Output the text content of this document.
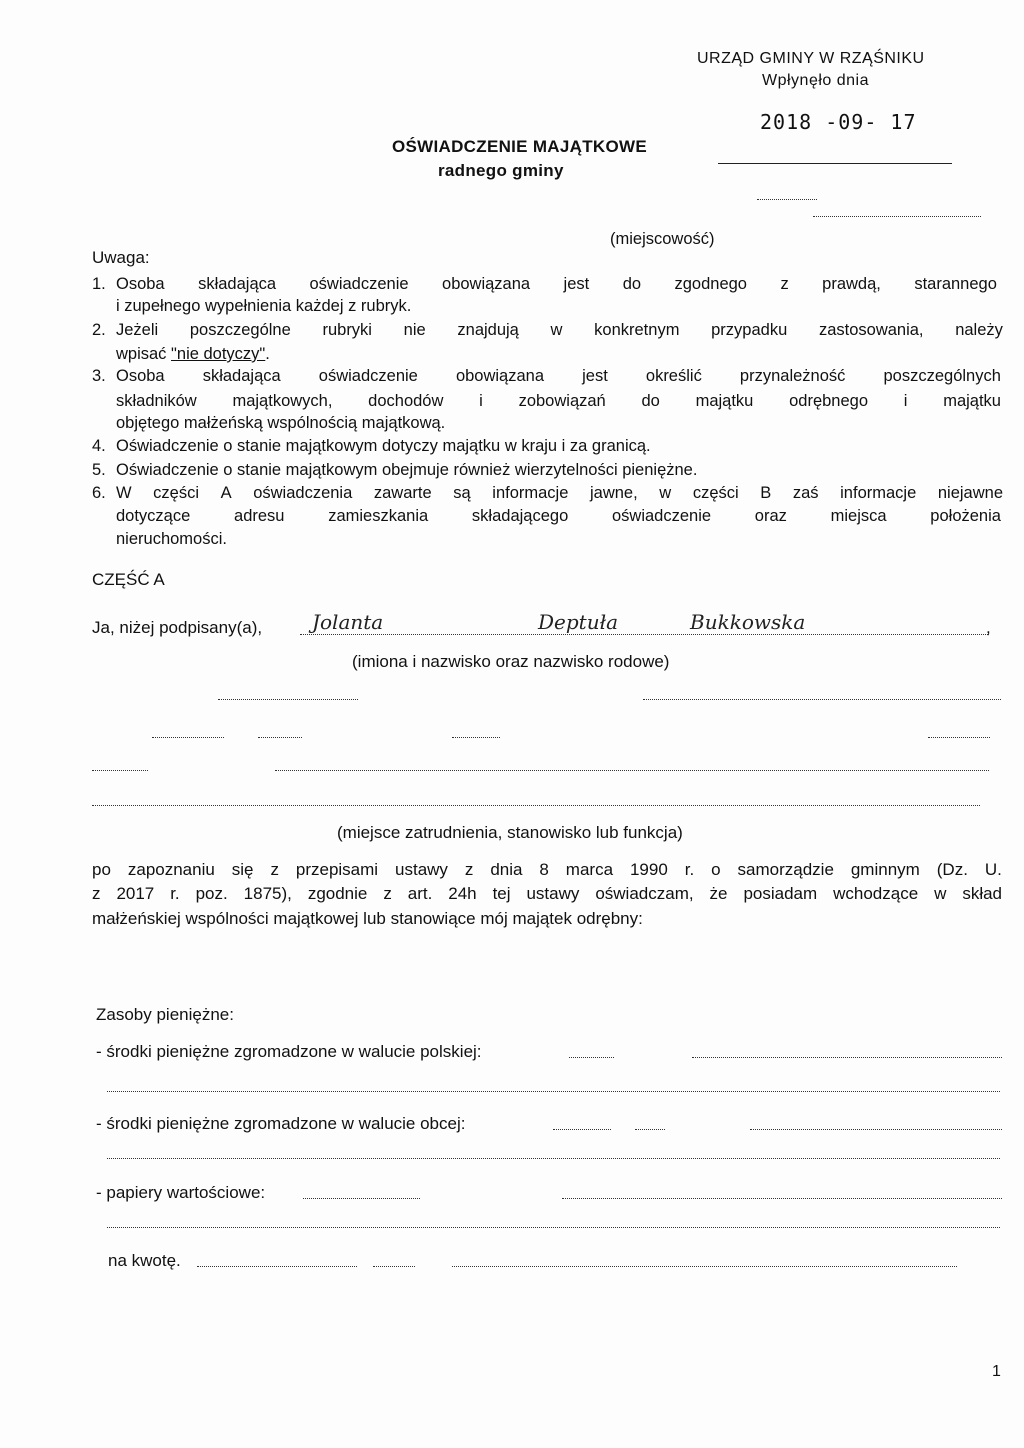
URZĄD GMINY W RZĄŚNIKU
Wpłynęło dnia
2018 -09- 17
OŚWIADCZENIE MAJĄTKOWE
radnego gminy
(miejscowość)
Uwaga:
1. Osoba składająca oświadczenie obowiązana jest do zgodnego z prawdą, starannego
i zupełnego wypełnienia każdej z rubryk.
2. Jeżeli poszczególne rubryki nie znajdują w konkretnym przypadku zastosowania, należy
wpisać "nie dotyczy".
3. Osoba składająca oświadczenie obowiązana jest określić przynależność poszczególnych
składników majątkowych, dochodów i zobowiązań do majątku odrębnego i majątku
objętego małżeńską wspólnością majątkową.
4. Oświadczenie o stanie majątkowym dotyczy majątku w kraju i za granicą.
5. Oświadczenie o stanie majątkowym obejmuje również wierzytelności pieniężne.
6. W części A oświadczenia zawarte są informacje jawne, w części B zaś informacje niejawne
dotyczące	adresu	zamieszkania	składającego	oświadczenie	oraz	miejsca	położenia
nieruchomości.
CZĘŚĆ A
Ja, niżej podpisany(a), Jolanta	Deptuła	Bukkowska	,
(imiona i nazwisko oraz nazwisko rodowe)
(miejsce zatrudnienia, stanowisko lub funkcja)
po zapoznaniu się z przepisami ustawy z dnia 8 marca 1990 r. o samorządzie gminnym (Dz. U.
z 2017 r. poz. 1875), zgodnie z art. 24h tej ustawy oświadczam, że posiadam wchodzące w skład
małżeńskiej wspólności majątkowej lub stanowiące mój majątek odrębny:
Zasoby pieniężne:
- środki pieniężne zgromadzone w walucie polskiej:
- środki pieniężne zgromadzone w walucie obcej:
- papiery wartościowe:
na kwotę.
1
